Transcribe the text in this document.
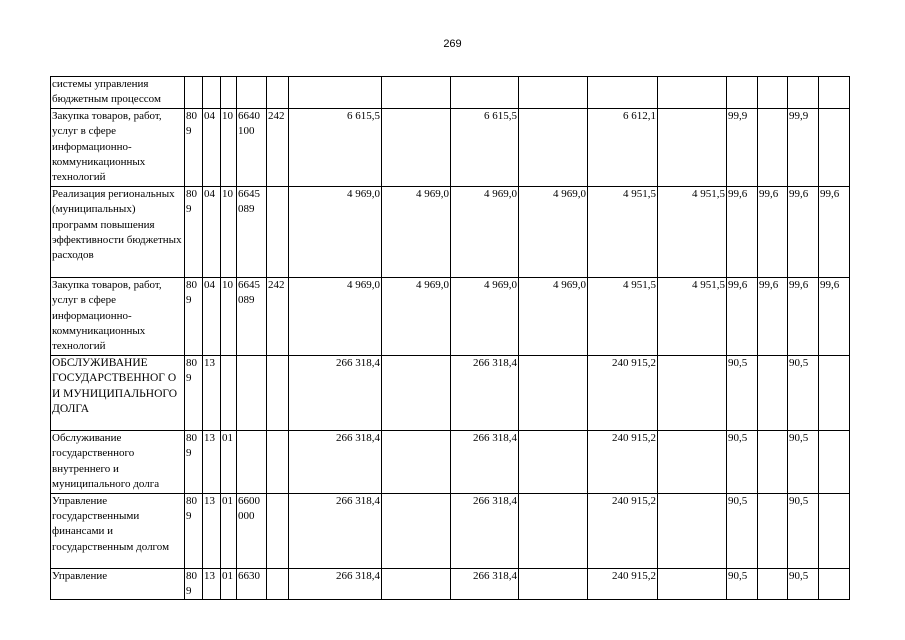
269
системы управления бюджетным процессом															
Закупка товаров, работ, услуг в сфере информационно-коммуникационных технологий	809	04	10	6640 100	242	6 615,5		6 615,5		6 612,1		99,9		99,9	
Реализация региональных (муниципальных) программ повышения эффективности бюджетных расходов	809	04	10	6645 089		4 969,0	4 969,0	4 969,0	4 969,0	4 951,5	4 951,5	99,6	99,6	99,6	99,6
Закупка товаров, работ, услуг в сфере информационно-коммуникационных технологий	809	04	10	6645 089	242	4 969,0	4 969,0	4 969,0	4 969,0	4 951,5	4 951,5	99,6	99,6	99,6	99,6
ОБСЛУЖИВАНИЕ ГОСУДАРСТВЕННОГ О И МУНИЦИПАЛЬНОГО ДОЛГА	809	13				266 318,4		266 318,4		240 915,2		90,5		90,5	
Обслуживание государственного внутреннего и муниципального долга	809	13	01			266 318,4		266 318,4		240 915,2		90,5		90,5	
Управление государственными финансами и государственным долгом	809	13	01	6600 000		266 318,4		266 318,4		240 915,2		90,5		90,5	
Управление	809	13	01	6630		266 318,4		266 318,4		240 915,2		90,5		90,5	
